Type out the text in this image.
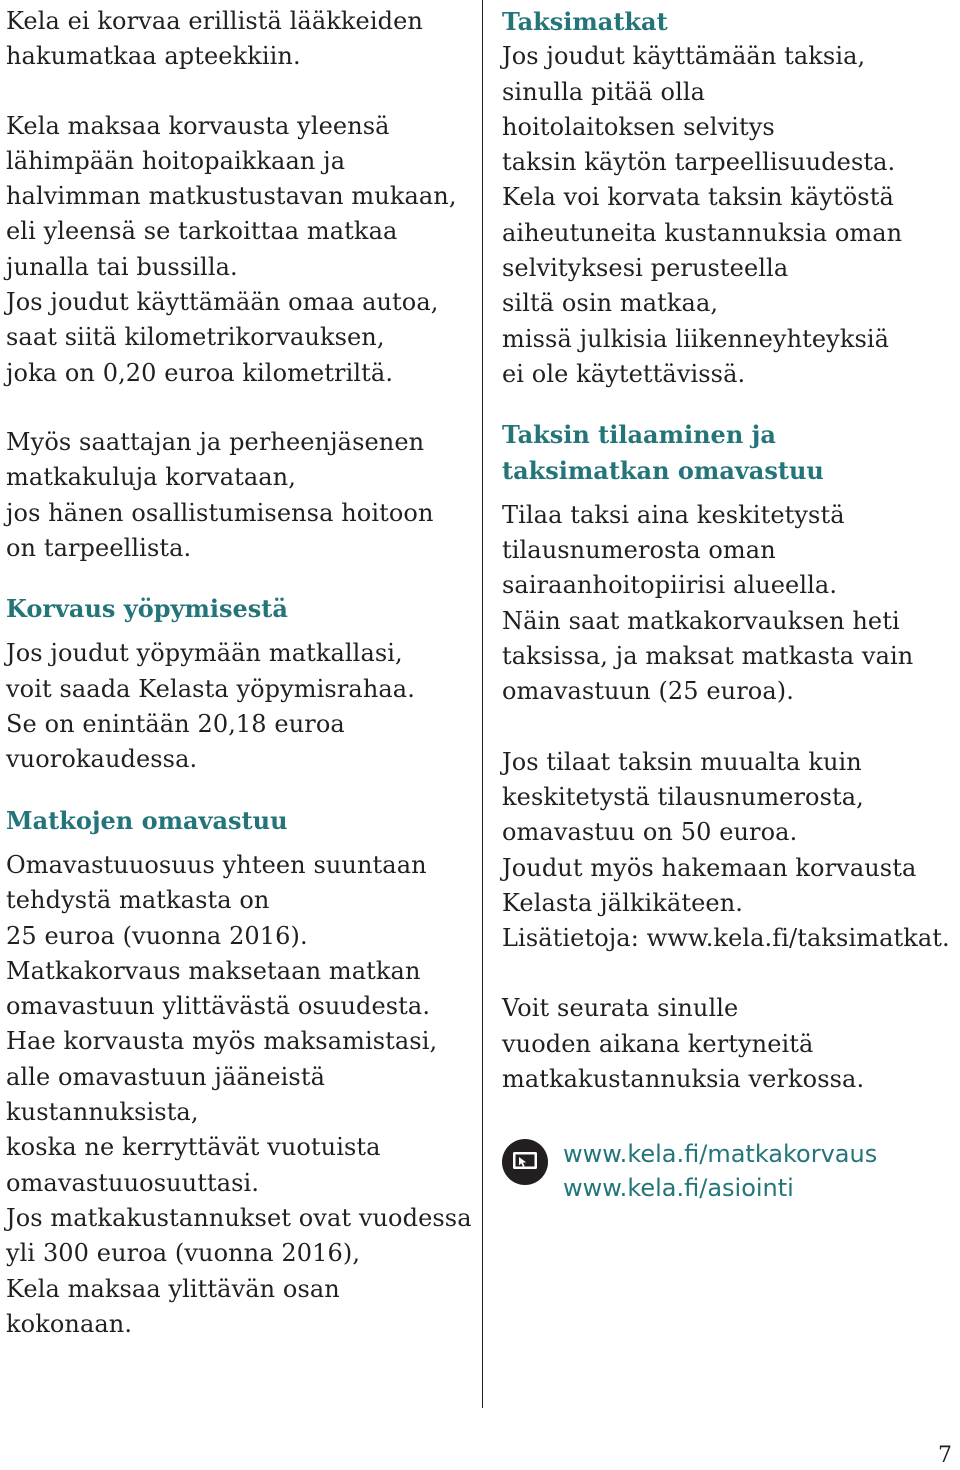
Kela ei korvaa erillistä lääkkeiden
hakumatkaa apteekkiin.

Kela maksaa korvausta yleensä
lähimpään hoitopaikkaan ja
halvimman matkustustavan mukaan,
eli yleensä se tarkoittaa matkaa
junalla tai bussilla.
Jos joudut käyttämään omaa autoa,
saat siitä kilometrikorvauksen,
joka on 0,20 euroa kilometriltä.

Myös saattajan ja perheenjäsenen
matkakuluja korvataan,
jos hänen osallistumisensa hoitoon
on tarpeellista.

Korvaus yöpymisestä

Jos joudut yöpymään matkallasi,
voit saada Kelasta yöpymisrahaa.
Se on enintään 20,18 euroa
vuorokaudessa.

Matkojen omavastuu

Omavastuuosuus yhteen suuntaan
tehdystä matkasta on
25 euroa (vuonna 2016).
Matkakorvaus maksetaan matkan
omavastuun ylittävästä osuudesta.
Hae korvausta myös maksamistasi,
alle omavastuun jääneistä
kustannuksista,
koska ne kerryttävät vuotuista
omavastuuosuuttasi.
Jos matkakustannukset ovat vuodessa
yli 300 euroa (vuonna 2016),
Kela maksaa ylittävän osan
kokonaan.

Taksimatkat

Jos joudut käyttämään taksia,
sinulla pitää olla
hoitolaitoksen selvitys
taksin käytön tarpeellisuudesta.
Kela voi korvata taksin käytöstä
aiheutuneita kustannuksia oman
selvityksesi perusteella
siltä osin matkaa,
missä julkisia liikenneyhteyksiä
ei ole käytettävissä.

Taksin tilaaminen ja
taksimatkan omavastuu

Tilaa taksi aina keskitetystä
tilausnumerosta oman
sairaanhoitopiirisi alueella.
Näin saat matkakorvauksen heti
taksissa, ja maksat matkasta vain
omavastuun (25 euroa).

Jos tilaat taksin muualta kuin
keskitetystä tilausnumerosta,
omavastuu on 50 euroa.
Joudut myös hakemaan korvausta
Kelasta jälkikäteen.
Lisätietoja: www.kela.fi/taksimatkat.

Voit seurata sinulle
vuoden aikana kertyneitä
matkakustannuksia verkossa.

www.kela.fi/matkakorvaus
www.kela.fi/asiointi
7
